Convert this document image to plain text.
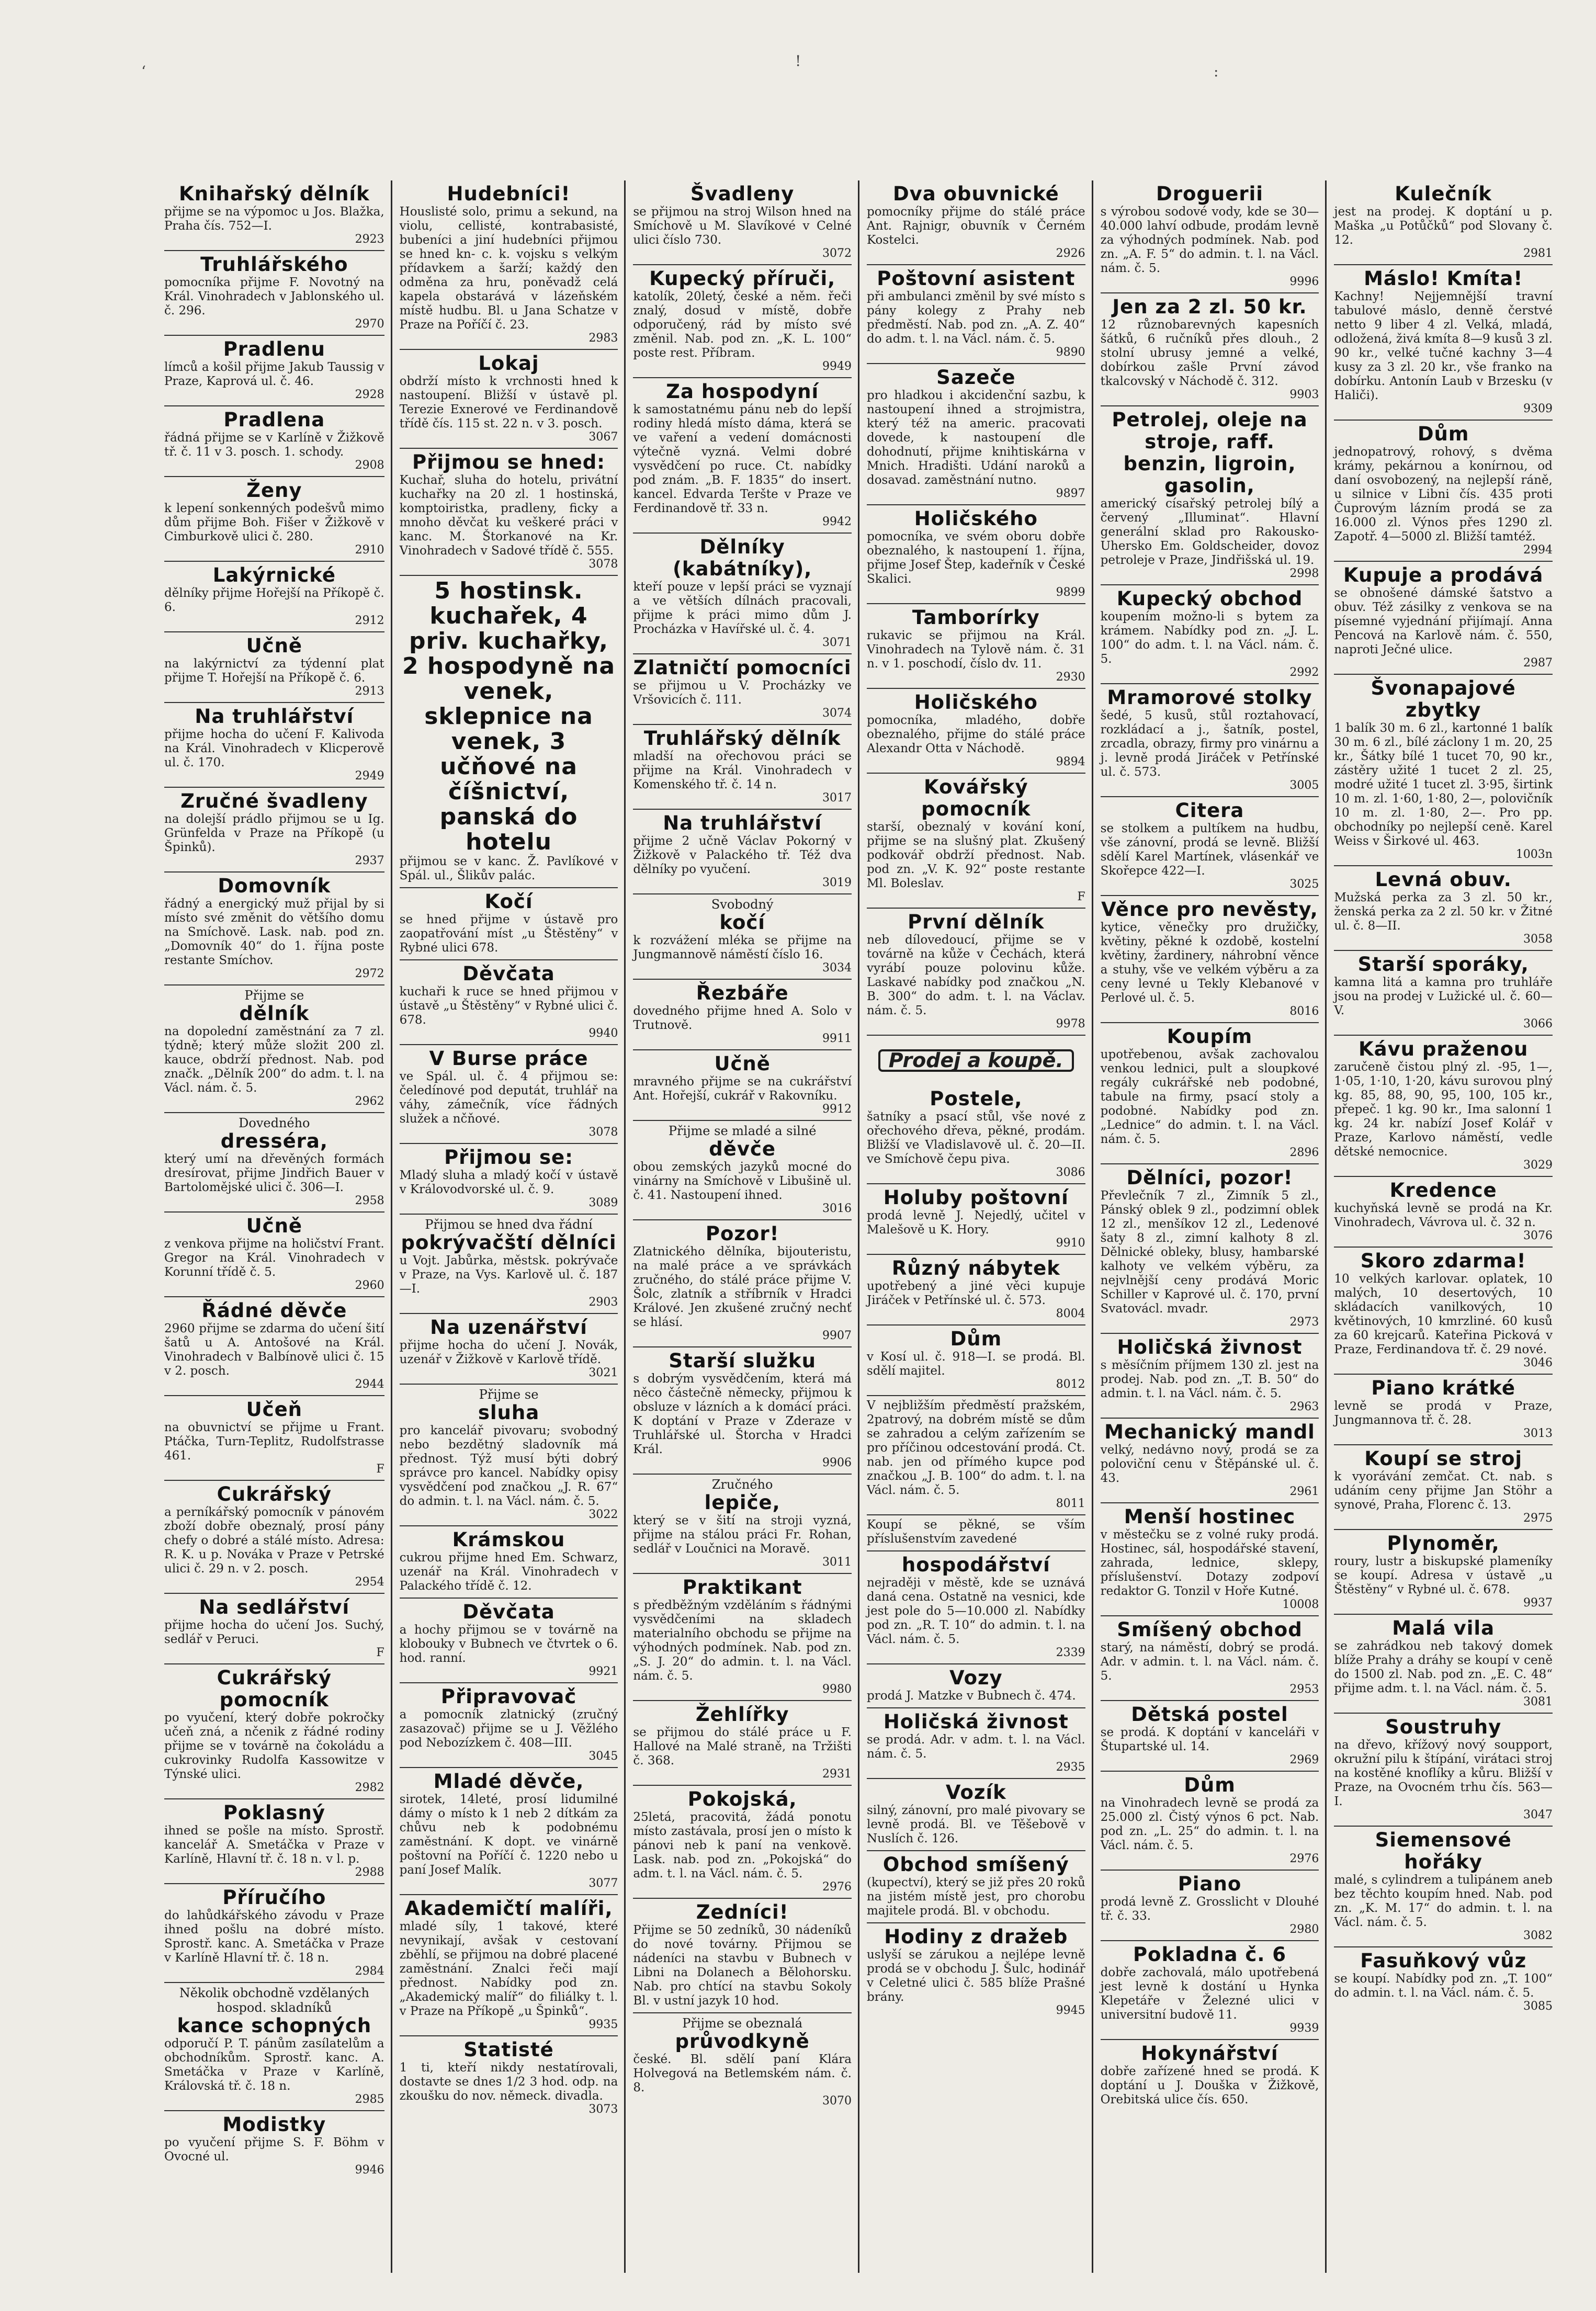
ʻ
!
:
Knihařský dělník
přijme se na výpomoc u Jos. Blažka, Praha čís. 752—I.
2923
Truhlářského
pomocníka přijme F. Novotný na Král. Vinohradech v Jablonského ul. č. 296.
2970
Pradlenu
límců a košil přijme Jakub Taussig v Praze, Kaprová ul. č. 46.
2928
Pradlena
řádná přijme se v Karlíně v Žižkově tř. č. 11 v 3. posch. 1. schody.
2908
Ženy
k lepení sonkenných podešvů mimo dům přijme Boh. Fišer v Žižkově v Cimburkově ulici č. 280.
2910
Lakýrnické
dělníky přijme Hořejší na Příkopě č. 6.
2912
Učně
na lakýrnictví za týdenní plat přijme T. Hořejší na Příkopě č. 6.
2913
Na truhlářství
přijme hocha do učení F. Kalivoda na Král. Vinohradech v Klicperově ul. č. 170.
2949
Zručné švadleny
na dolejší prádlo přijmou se u Ig. Grünfelda v Praze na Příkopě (u Špinků).
2937
Domovník
řádný a energický muž přijal by si místo své změnit do většího domu na Smíchově. Lask. nab. pod zn. „Domovník 40“ do 1. října poste restante Smíchov.
2972
Přijme se
dělník
na dopolední zaměstnání za 7 zl. týdně; který může složit 200 zl. kauce, obdrží přednost. Nab. pod značk. „Dělník 200“ do adm. t. l. na Václ. nám. č. 5.
2962
Dovedného
dresséra,
který umí na dřevěných formách dresírovat, přijme Jindřich Bauer v Bartolomějské ulici č. 306—I.
2958
Učně
z venkova přijme na holičství Frant. Gregor na Král. Vinohradech v Korunní třídě č. 5.
2960
Řádné děvče
2960 přijme se zdarma do učení šití šatů u A. Antošové na Král. Vinohradech v Balbínově ulici č. 15 v 2. posch.
2944
Učeň
na obuvnictví se přijme u Frant. Ptáčka, Turn-Teplitz, Rudolfstrasse 461.
F
Cukrářský
a perníkářský pomocník v pánovém zboží dobře obeznalý, prosí pány chefy o dobré a stálé místo. Adresa: R. K. u p. Nováka v Praze v Petrské ulici č. 29 n. v 2. posch.
2954
Na sedlářství
přijme hocha do učení Jos. Suchý, sedlář v Peruci.
F
Cukrářský pomocník
po vyučení, který dobře pokročky učeň zná, a nčenik z řádné rodiny přijme se v továrně na čokoládu a cukrovinky Rudolfa Kassowitze v Týnské ulici.
2982
Poklasný
ihned se pošle na místo. Sprostř. kancelář A. Smetáčka v Praze v Karlíně, Hlavní tř. č. 18 n. v l. p.
2988
Příručího
do lahůdkářského závodu v Praze ihned pošlu na dobré místo. Sprostř. kanc. A. Smetáčka v Praze v Karlíně Hlavní tř. č. 18 n.
2984
Několik obchodně vzdělaných hospod. skladníků
kance schopných
odporučí P. T. pánům zasílatelům a obchodníkům. Sprostř. kanc. A. Smetáčka v Praze v Karlíně, Královská tř. č. 18 n.
2985
Modistky
po vyučení přijme S. F. Böhm v Ovocné ul.
9946
Hudebníci!
Houslisté solo, primu a sekund, na violu, cellisté, kontrabasisté, bubeníci a jiní hudebníci přijmou se hned kn- c. k. vojsku s velkým přídavkem a šarží; každý den odměna za hru, poněvadž celá kapela obstarává v lázeňském místě hudbu. Bl. u Jana Schatze v Praze na Poříčí č. 23.
2983
Lokaj
obdrží místo k vrchnosti hned k nastoupení. Bližší v ústavě pl. Terezie Exnerové ve Ferdinandově třídě čís. 115 st. 22 n. v 3. posch.
3067
Přijmou se hned:
Kuchař, sluha do hotelu, privátní kuchařky na 20 zl. 1 hostinská, komptoiristka, pradleny, ficky a mnoho děvčat ku veškeré práci v kanc. M. Štorkanové na Kr. Vinohradech v Sadové třídě č. 555.
3078
5 hostinsk. kuchařek, 4 priv. kuchařky, 2 hospodyně na venek, sklepnice na venek, 3 učňové na číšnictví, panská do hotelu
přijmou se v kanc. Ž. Pavlíkové v Spál. ul., Šlikův palác.
Kočí
se hned přijme v ústavě pro zaopatřování míst „u Štěstěny“ v Rybné ulici 678.
Děvčata
kuchaři k ruce se hned přijmou v ústavě „u Štěstěny“ v Rybné ulici č. 678.
9940
V Burse práce
ve Spál. ul. č. 4 přijmou se: čeledínové pod deputát, truhlář na váhy, zámečník, více řádných služek a nčňové.
3078
Přijmou se:
Mladý sluha a mladý kočí v ústavě v Královodvorské ul. č. 9.
3089
Přijmou se hned dva řádní
pokrývačští dělníci
u Vojt. Jabůrka, městsk. pokrývače v Praze, na Vys. Karlově ul. č. 187—I.
2903
Na uzenářství
přijme hocha do učení J. Novák, uzenář v Žižkově v Karlově třídě.
3021
Přijme se
sluha
pro kancelář pivovaru; svobodný nebo bezdětný sladovník má přednost. Týž musí býti dobrý správce pro kancel. Nabídky opisy vysvědčení pod značkou „J. R. 67“ do admin. t. l. na Václ. nám. č. 5.
3022
Krámskou
cukrou přijme hned Em. Schwarz, uzenář na Král. Vinohradech v Palackého třídě č. 12.
Děvčata
a hochy přijmou se v továrně na klobouky v Bubnech ve čtvrtek o 6. hod. ranní.
9921
Připravovač
a pomocník zlatnický (zručný zasazovač) přijme se u J. Věžlého pod Nebozízkem č. 408—III.
3045
Mladé děvče,
sirotek, 14leté, prosí lidumilné dámy o místo k 1 neb 2 dítkám za chůvu neb k podobnému zaměstnání. K dopt. ve vinárně poštovní na Poříčí č. 1220 nebo u paní Josef Malík.
3077
Akademičtí malíři,
mladé síly, 1 takové, které nevynikají, avšak v cestovaní zběhlí, se přijmou na dobré placené zaměstnání. Znalci řeči mají přednost. Nabídky pod zn. „Akademický malíř“ do filiálky t. l. v Praze na Příkopě „u Špinků“.
9935
Statisté
1 ti, kteří nikdy nestatírovali, dostavte se dnes 1/2 3 hod. odp. na zkoušku do nov. německ. divadla.
3073
Švadleny
se přijmou na stroj Wilson hned na Smíchově u M. Slavíkové v Celné ulici číslo 730.
3072
Kupecký příruči,
katolík, 20letý, české a něm. řeči znalý, dosud v místě, dobře odporučený, rád by místo své změnil. Nab. pod zn. „K. L. 100“ poste rest. Příbram.
9949
Za hospodyní
k samostatnému pánu neb do lepší rodiny hledá místo dáma, která se ve vaření a vedení domácnosti výtečně vyzná. Velmi dobré vysvědčení po ruce. Ct. nabídky pod znám. „B. F. 1835“ do insert. kancel. Edvarda Teršte v Praze ve Ferdinandově tř. 33 n.
9942
Dělníky (kabátníky),
kteří pouze v lepší práci se vyznají a ve větších dílnách pracovali, přijme k práci mimo dům J. Procházka v Havířské ul. č. 4.
3071
Zlatničtí pomocníci
se přijmou u V. Procházky ve Vršovicích č. 111.
3074
Truhlářský dělník
mladší na ořechovou práci se přijme na Král. Vinohradech v Komenského tř. č. 14 n.
3017
Na truhlářství
přijme 2 učně Václav Pokorný v Žižkově v Palackého tř. Též dva dělníky po vyučení.
3019
Svobodný
kočí
k rozvážení mléka se přijme na Jungmannově náměstí číslo 16.
3034
Řezbáře
dovedného přijme hned A. Solo v Trutnově.
9911
Učně
mravného přijme se na cukrářství Ant. Hořejší, cukrář v Rakovníku.
9912
Přijme se mladé a silné
děvče
obou zemských jazyků mocné do vinárny na Smíchově v Libušině ul. č. 41. Nastoupení ihned.
3016
Pozor!
Zlatnického dělníka, bijouteristu, na malé práce a ve správkách zručného, do stálé práce přijme V. Šolc, zlatník a stříbrník v Hradci Králové. Jen zkušené zručný nechť se hlásí.
9907
Starší služku
s dobrým vysvědčením, která má něco částečně německy, přijmou k obsluze v lázních a k domácí práci. K doptání v Praze v Zderaze v Truhlářské ul. Štorcha v Hradci Král.
9906
Zručného
lepiče,
který se v šití na stroji vyzná, přijme na stálou práci Fr. Rohan, sedlář v Loučnici na Moravě.
3011
Praktikant
s předběžným vzděláním s řádnými vysvědčeními na skladech materialního obchodu se přijme na výhodných podmínek. Nab. pod zn. „S. J. 20“ do admin. t. l. na Václ. nám. č. 5.
9980
Žehlířky
se přijmou do stálé práce u F. Hallové na Malé straně, na Tržišti č. 368.
2931
Pokojská,
25letá, pracovitá, žádá ponotu místo zastávala, prosí jen o místo k pánovi neb k paní na venkově. Lask. nab. pod zn. „Pokojská“ do adm. t. l. na Václ. nám. č. 5.
2976
Zedníci!
Přijme se 50 zedníků, 30 nádeníků do nové továrny. Přijmou se nádeníci na stavbu v Bubnech v Libni na Dolanech a Bělohorsku. Nab. pro chtící na stavbu Sokoly Bl. v ustní jazyk 10 hod.
Přijme se obeznalá
průvodkyně
české. Bl. sdělí paní Klára Holvegová na Betlemském nám. č. 8.
3070
Dva obuvnické
pomocníky přijme do stálé práce Ant. Rajnigr, obuvník v Černém Kostelci.
2926
Poštovní asistent
při ambulanci změnil by své místo s pány kolegy z Prahy neb předměstí. Nab. pod zn. „A. Z. 40“ do adm. t. l. na Václ. nám. č. 5.
9890
Sazeče
pro hladkou i akcidenční sazbu, k nastoupení ihned a strojmistra, který též na americ. pracovati dovede, k nastoupení dle dohodnutí, přijme knihtiskárna v Mnich. Hradišti. Udání naroků a dosavad. zaměstnání nutno.
9897
Holičského
pomocníka, ve svém oboru dobře obeznalého, k nastoupení 1. října, přijme Josef Štep, kadeřník v České Skalici.
9899
Tamborírky
rukavic se přijmou na Král. Vinohradech na Tylově nám. č. 31 n. v 1. poschodí, číslo dv. 11.
2930
Holičského
pomocníka, mladého, dobře obeznalého, přijme do stálé práce Alexandr Otta v Náchodě.
9894
Kovářský pomocník
starší, obeznalý v kování koní, přijme se na slušný plat. Zkušený podkovář obdrží přednost. Nab. pod zn. „V. K. 92“ poste restante Ml. Boleslav.
F
První dělník
neb dílovedoucí, přijme se v továrně na kůže v Čechách, která vyrábí pouze polovinu kůže. Laskavé nabídky pod značkou „N. B. 300“ do adm. t. l. na Václav. nám. č. 5.
9978
Prodej a koupě.
Postele,
šatníky a psací stůl, vše nové z ořechového dřeva, pěkné, prodám. Bližší ve Vladislavově ul. č. 20—II. ve Smíchově čepu piva.
3086
Holuby poštovní
prodá levně J. Nejedlý, učitel v Malešově u K. Hory.
9910
Různý nábytek
upotřebený a jiné věci kupuje Jiráček v Petřínské ul. č. 573.
8004
Dům
v Kosí ul. č. 918—I. se prodá. Bl. sdělí majitel.
8012
V nejbližším předměstí pražském, 2patrový, na dobrém místě se dům se zahradou a celým zařízením se pro příčinou odcestování prodá. Ct. nab. jen od přímého kupce pod značkou „J. B. 100“ do adm. t. l. na Václ. nám. č. 5.
8011
Koupí se pěkné, se vším příslušenstvím zavedené
hospodářství
nejraději v městě, kde se uznává daná cena. Ostatně na vesnici, kde jest pole do 5—10.000 zl. Nabídky pod zn. „R. T. 10“ do admin. t. l. na Václ. nám. č. 5.
2339
Vozy
prodá J. Matzke v Bubnech č. 474.
Holičská živnost
se prodá. Adr. v adm. t. l. na Václ. nám. č. 5.
2935
Vozík
silný, zánovní, pro malé pivovary se levně prodá. Bl. ve Těšebově v Nuslích č. 126.
Obchod smíšený
(kupectví), který se již přes 20 roků na jistém místě jest, pro chorobu majitele prodá. Bl. v obchodu.
Hodiny z dražeb
uslyší se zárukou a nejlépe levně prodá se v obchodu J. Šulc, hodinář v Celetné ulici č. 585 blíže Prašné brány.
9945
Droguerii
s výrobou sodové vody, kde se 30—40.000 lahví odbude, prodám levně za výhodných podmínek. Nab. pod zn. „A. F. 5“ do admin. t. l. na Václ. nám. č. 5.
9996
Jen za 2 zl. 50 kr.
12 různobarevných kapesních šátků, 6 ručníků přes dlouh., 2 stolní ubrusy jemné a velké, dobírkou zašle První závod tkalcovský v Náchodě č. 312.
9903
Petrolej, oleje na stroje, raff. benzin, ligroin, gasolin,
americký císařský petrolej bílý a červený „Illuminat“. Hlavní generální sklad pro Rakousko-Uhersko Em. Goldscheider, dovoz petroleje v Praze, Jindřišská ul. 19.
2998
Kupecký obchod
koupením možno-li s bytem za krámem. Nabídky pod zn. „J. L. 100“ do adm. t. l. na Václ. nám. č. 5.
2992
Mramorové stolky
šedé, 5 kusů, stůl roztahovací, rozkládací a j., šatník, postel, zrcadla, obrazy, firmy pro vinárnu a j. levně prodá Jiráček v Petřínské ul. č. 573.
3005
Citera
se stolkem a pultíkem na hudbu, vše zánovní, prodá se levně. Bližší sdělí Karel Martínek, vlásenkář ve Skořepce 422—I.
3025
Věnce pro nevěsty,
kytice, věnečky pro družičky, květiny, pěkné k ozdobě, kostelní květiny, žardinery, náhrobní věnce a stuhy, vše ve velkém výběru a za ceny levné u Tekly Klebanové v Perlové ul. č. 5.
8016
Koupím
upotřebenou, avšak zachovalou venkou lednici, pult a sloupkové regály cukrářské neb podobné, tabule na firmy, psací stoly a podobné. Nabídky pod zn. „Lednice“ do admin. t. l. na Václ. nám. č. 5.
2896
Dělníci, pozor!
Převlečník 7 zl., Zimník 5 zl., Pánský oblek 9 zl., podzimní oblek 12 zl., menšíkov 12 zl., Ledenové šaty 8 zl., zimní kalhoty 8 zl. Dělnické obleky, blusy, hambarské kalhoty ve velkém výběru, za nejvlnější ceny prodává Moric Schiller v Kaprové ul. č. 170, první Svatovácl. mvadr.
2973
Holičská živnost
s měsíčním příjmem 130 zl. jest na prodej. Nab. pod zn. „T. B. 50“ do admin. t. l. na Václ. nám. č. 5.
2963
Mechanický mandl
velký, nedávno nový, prodá se za poloviční cenu v Štěpánské ul. č. 43.
2961
Menší hostinec
v městečku se z volné ruky prodá. Hostinec, sál, hospodářské stavení, zahrada, lednice, sklepy, příslušenství. Dotazy zodpoví redaktor G. Tonzil v Hoře Kutné.
10008
Smíšený obchod
starý, na náměstí, dobrý se prodá. Adr. v admin. t. l. na Václ. nám. č. 5.
2953
Dětská postel
se prodá. K doptání v kanceláři v Štupartské ul. 14.
2969
Dům
na Vinohradech levně se prodá za 25.000 zl. Čistý výnos 6 pct. Nab. pod zn. „L. 25“ do admin. t. l. na Václ. nám. č. 5.
2976
Piano
prodá levně Z. Grosslicht v Dlouhé tř. č. 33.
2980
Pokladna č. 6
dobře zachovalá, málo upotřebená jest levně k dostání u Hynka Klepetáře v Železné ulici v universitní budově 11.
9939
Hokynářství
dobře zařízené hned se prodá. K doptání u J. Douška v Žižkově, Orebitská ulice čís. 650.
Kulečník
jest na prodej. K doptání u p. Maška „u Potůčků“ pod Slovany č. 12.
2981
Máslo! Kmíta!
Kachny! Nejjemnější travní tabulové máslo, denně čerstvé netto 9 liber 4 zl. Velká, mladá, odložená, živá kmíta 8—9 kusů 3 zl. 90 kr., velké tučné kachny 3—4 kusy za 3 zl. 20 kr., vše franko na dobírku. Antonín Laub v Brzesku (v Haliči).
9309
Dům
jednopatrový, rohový, s dvěma krámy, pekárnou a konírnou, od daní osvobozený, na nejlepší ráně, u silnice v Libni čís. 435 proti Čuprovým lázním prodá se za 16.000 zl. Výnos přes 1290 zl. Zapotř. 4—5000 zl. Bližší tamtéž.
2994
Kupuje a prodává
se obnošené dámské šatstvo a obuv. Též zásilky z venkova se na písemné vyjednání přijímají. Anna Pencová na Karlově nám. č. 550, naproti Ječné ulice.
2987
Švonapajové zbytky
1 balík 30 m. 6 zl., kartonné 1 balík 30 m. 6 zl., bílé záclony 1 m. 20, 25 kr., Šátky bílé 1 tucet 70, 90 kr., zástěry užité 1 tucet 2 zl. 25, modré užité 1 tucet zl. 3·95, širtink 10 m. zl. 1·60, 1·80, 2—, polovičník 10 m. zl. 1·80, 2—. Pro pp. obchodníky po nejlepší ceně. Karel Weiss v Širkové ul. 463.
1003n
Levná obuv.
Mužská perka za 3 zl. 50 kr., ženská perka za 2 zl. 50 kr. v Žitné ul. č. 8—II.
3058
Starší sporáky,
kamna litá a kamna pro truhláře jsou na prodej v Lužické ul. č. 60—V.
3066
Kávu praženou
zaručeně čistou plný zl. -95, 1—, 1·05, 1·10, 1·20, kávu surovou plný kg. 85, 88, 90, 95, 100, 105 kr., přepeč. 1 kg. 90 kr., Ima salonní 1 kg. 24 kr. nabízí Josef Kolář v Praze, Karlovo náměstí, vedle dětské nemocnice.
3029
Kredence
kuchyňská levně se prodá na Kr. Vinohradech, Vávrova ul. č. 32 n.
3076
Skoro zdarma!
10 velkých karlovar. oplatek, 10 malých, 10 desertových, 10 skládacích vanilkových, 10 květinových, 10 kmrzliné. 60 kusů za 60 krejcarů. Kateřina Picková v Praze, Ferdinandova tř. č. 29 nové.
3046
Piano krátké
levně se prodá v Praze, Jungmannova tř. č. 28.
3013
Koupí se stroj
k vyorávání zemčat. Ct. nab. s udáním ceny přijme Jan Stöhr a synové, Praha, Florenc č. 13.
2975
Plynoměr,
roury, lustr a biskupské plameníky se koupí. Adresa v ústavě „u Štěstěny“ v Rybné ul. č. 678.
9937
Malá vila
se zahrádkou neb takový domek blíže Prahy a dráhy se koupí v ceně do 1500 zl. Nab. pod zn. „E. C. 48“ přijme adm. t. l. na Václ. nám. č. 5.
3081
Soustruhy
na dřevo, křížový nový soupport, okružní pilu k štípání, virátaci stroj na kostěné knoflíky a kůru. Bližší v Praze, na Ovocném trhu čís. 563—I.
3047
Siemensové hořáky
malé, s cylindrem a tulipánem aneb bez těchto koupím hned. Nab. pod zn. „K. M. 17“ do admin. t. l. na Václ. nám. č. 5.
3082
Fasuňkový vůz
se koupí. Nabídky pod zn. „T. 100“ do admin. t. l. na Václ. nám. č. 5.
3085
